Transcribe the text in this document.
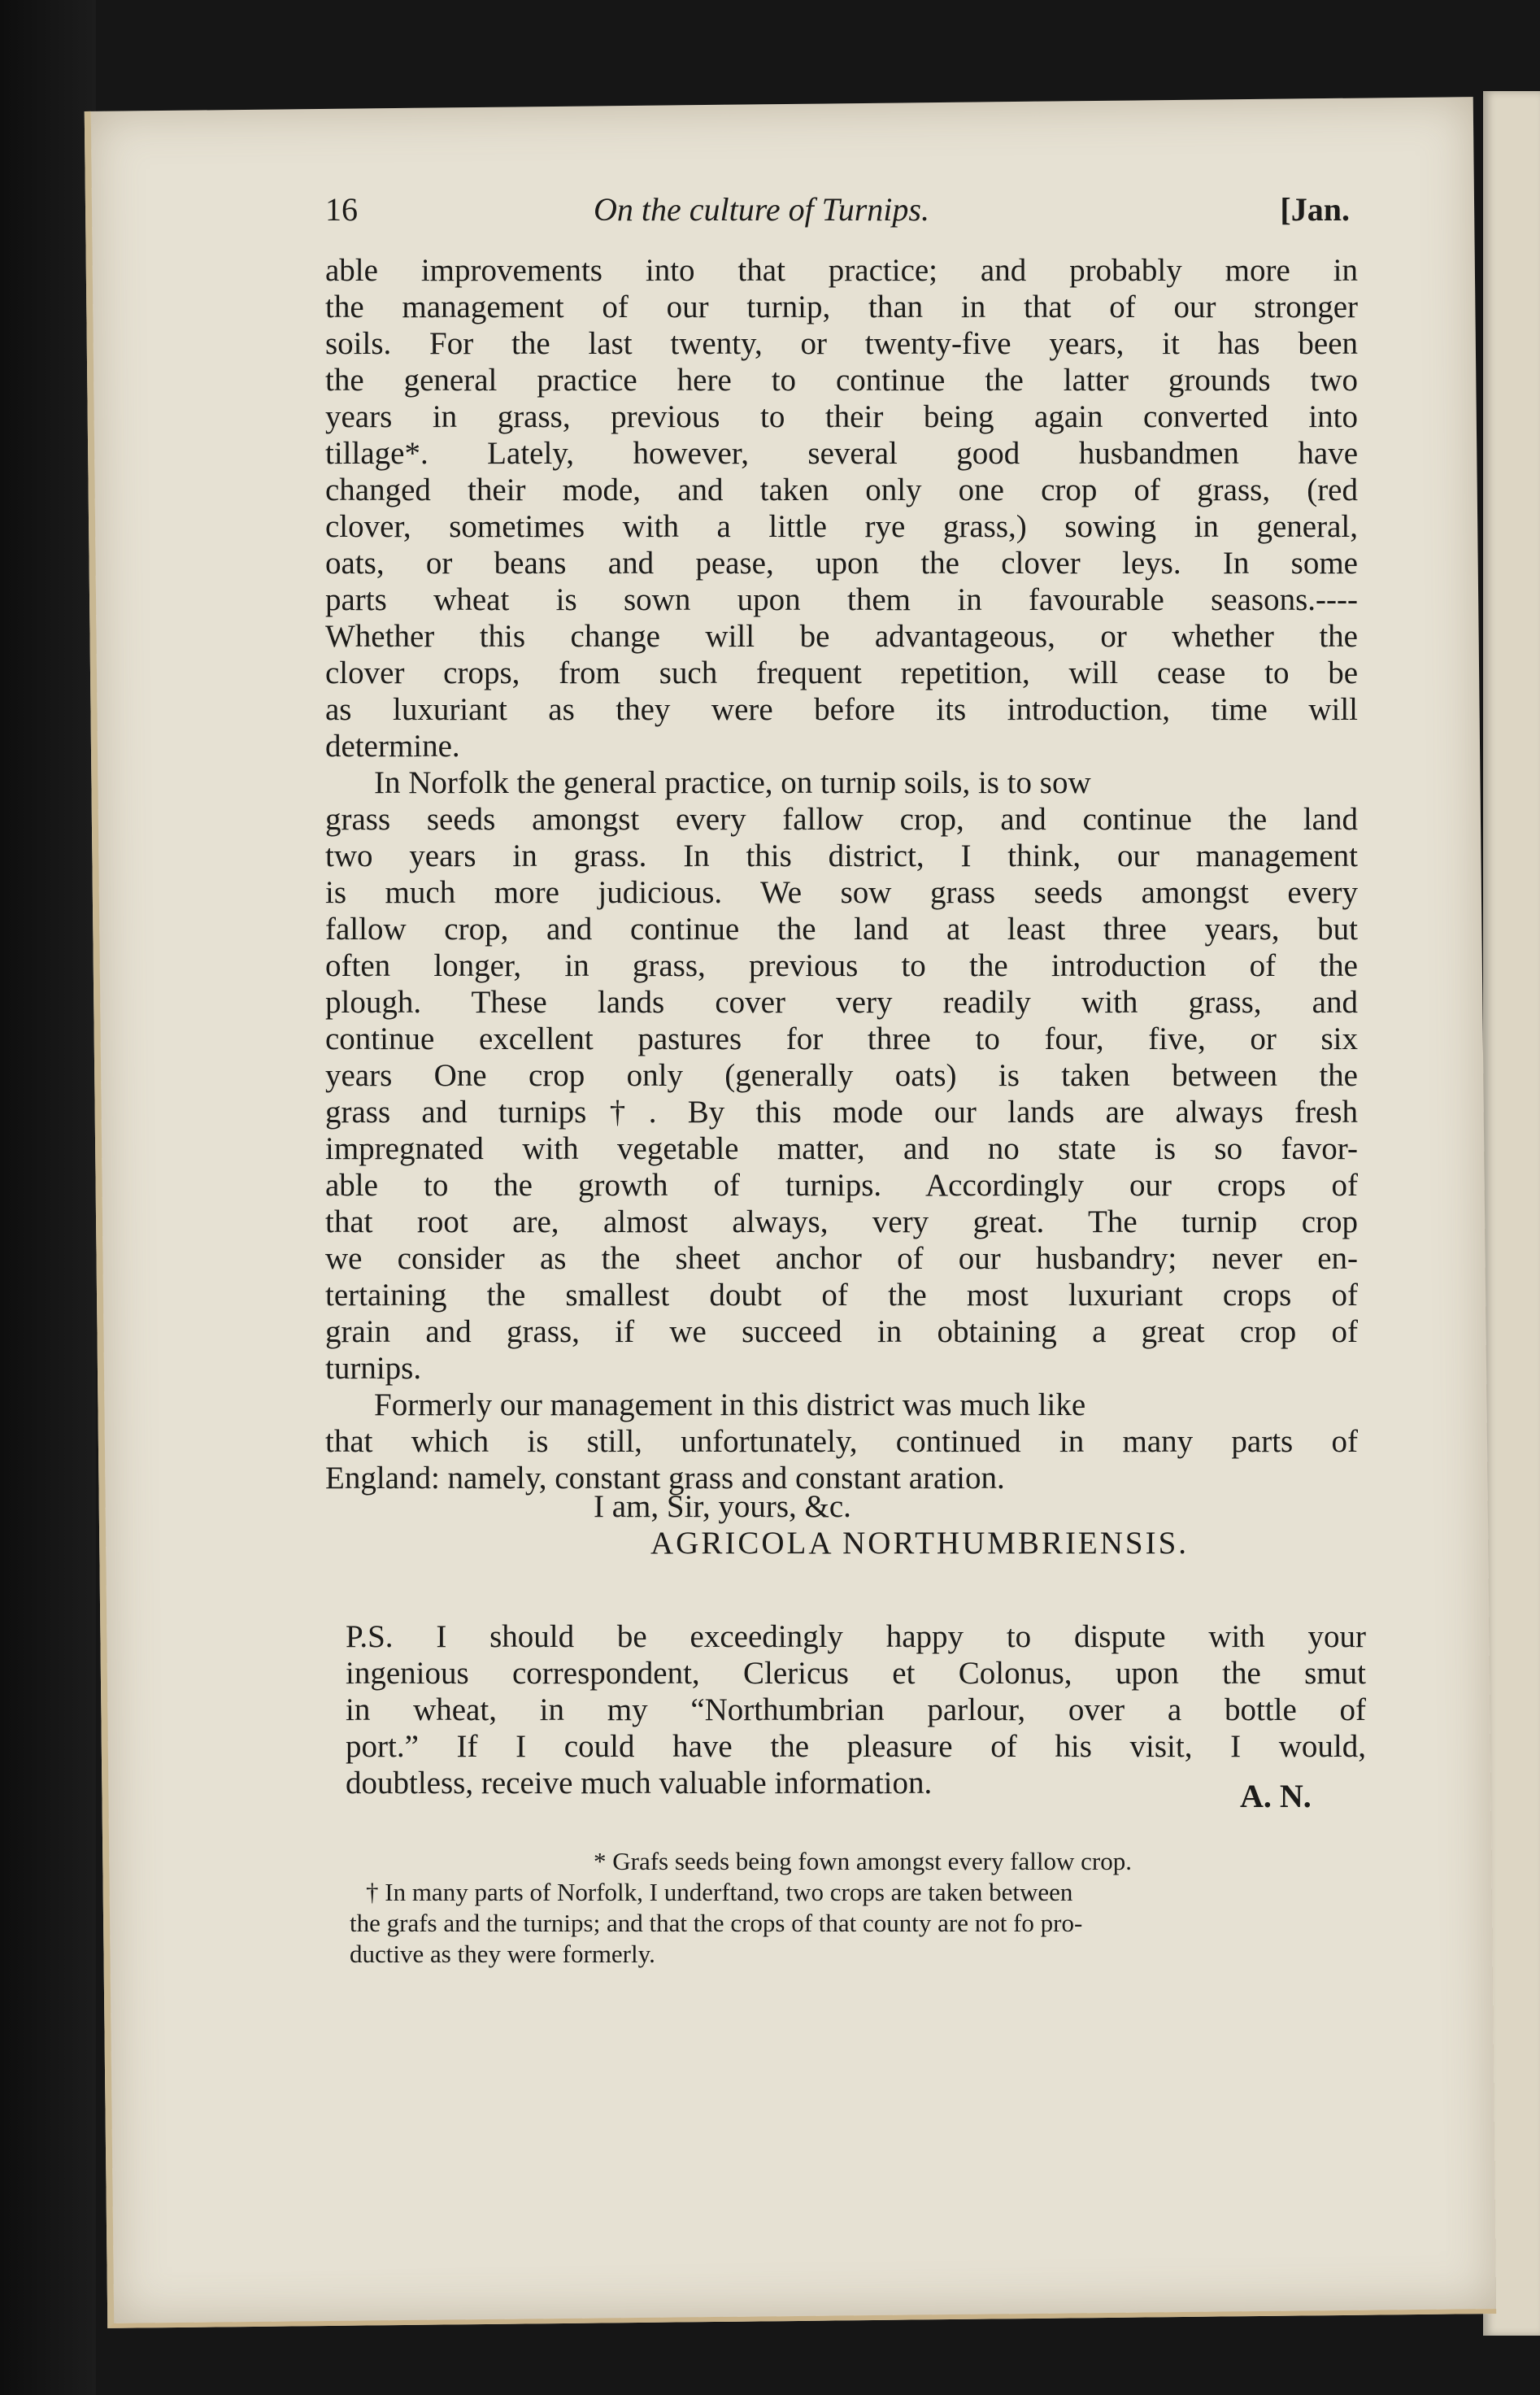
16	On the culture of Turnips.	[Jan.

able improvements into that practice; and probably more in

the management of our turnip, than in that of our stronger

soils. For the last twenty, or twenty-five years, it has been

the general practice here to continue the latter grounds two

years in grass, previous to their being again converted into

tillage*. Lately, however, several good husbandmen have

changed their mode, and taken only one crop of grass, (red

clover, sometimes with a little rye grass,) sowing in general,

oats, or beans and pease, upon the clover leys. In some

parts wheat is sown upon them in favourable seasons.----

Whether this change will be advantageous, or whether the

clover crops, from such frequent repetition, will cease to be

as luxuriant as they were before its introduction, time will

determine.

In Norfolk the general practice, on turnip soils, is to sow

grass seeds amongst every fallow crop, and continue the land

two years in grass. In this district, I think, our management

is much more judicious. We sow grass seeds amongst every

fallow crop, and continue the land at least three years, but

often longer, in grass, previous to the introduction of the

plough. These lands cover very readily with grass, and

continue excellent pastures for three to four, five, or six

years One crop only (generally oats) is taken between the

grass and turnips†. By this mode our lands are always fresh

impregnated with vegetable matter, and no state is so favor-

able to the growth of turnips. Accordingly our crops of

that root are, almost always, very great. The turnip crop

we consider as the sheet anchor of our husbandry; never en-

tertaining the smallest doubt of the most luxuriant crops of

grain and grass, if we succeed in obtaining a great crop of

turnips.

Formerly our management in this district was much like

that which is still, unfortunately, continued in many parts of

England: namely, constant grass and constant aration.

I am, Sir, yours, &c.
AGRICOLA NORTHUMBRIENSIS.

P.S. I should be exceedingly happy to dispute with your

ingenious correspondent, Clericus et Colonus, upon the smut

in wheat, in my “Northumbrian parlour, over a bottle of

port.” If I could have the pleasure of his visit, I would,

doubtless, receive much valuable information.	A. N.

* Grafs seeds being fown amongst every fallow crop.

† In many parts of Norfolk, I underftand, two crops are taken between

the grafs and the turnips; and that the crops of that county are not fo pro-

ductive as they were formerly.
